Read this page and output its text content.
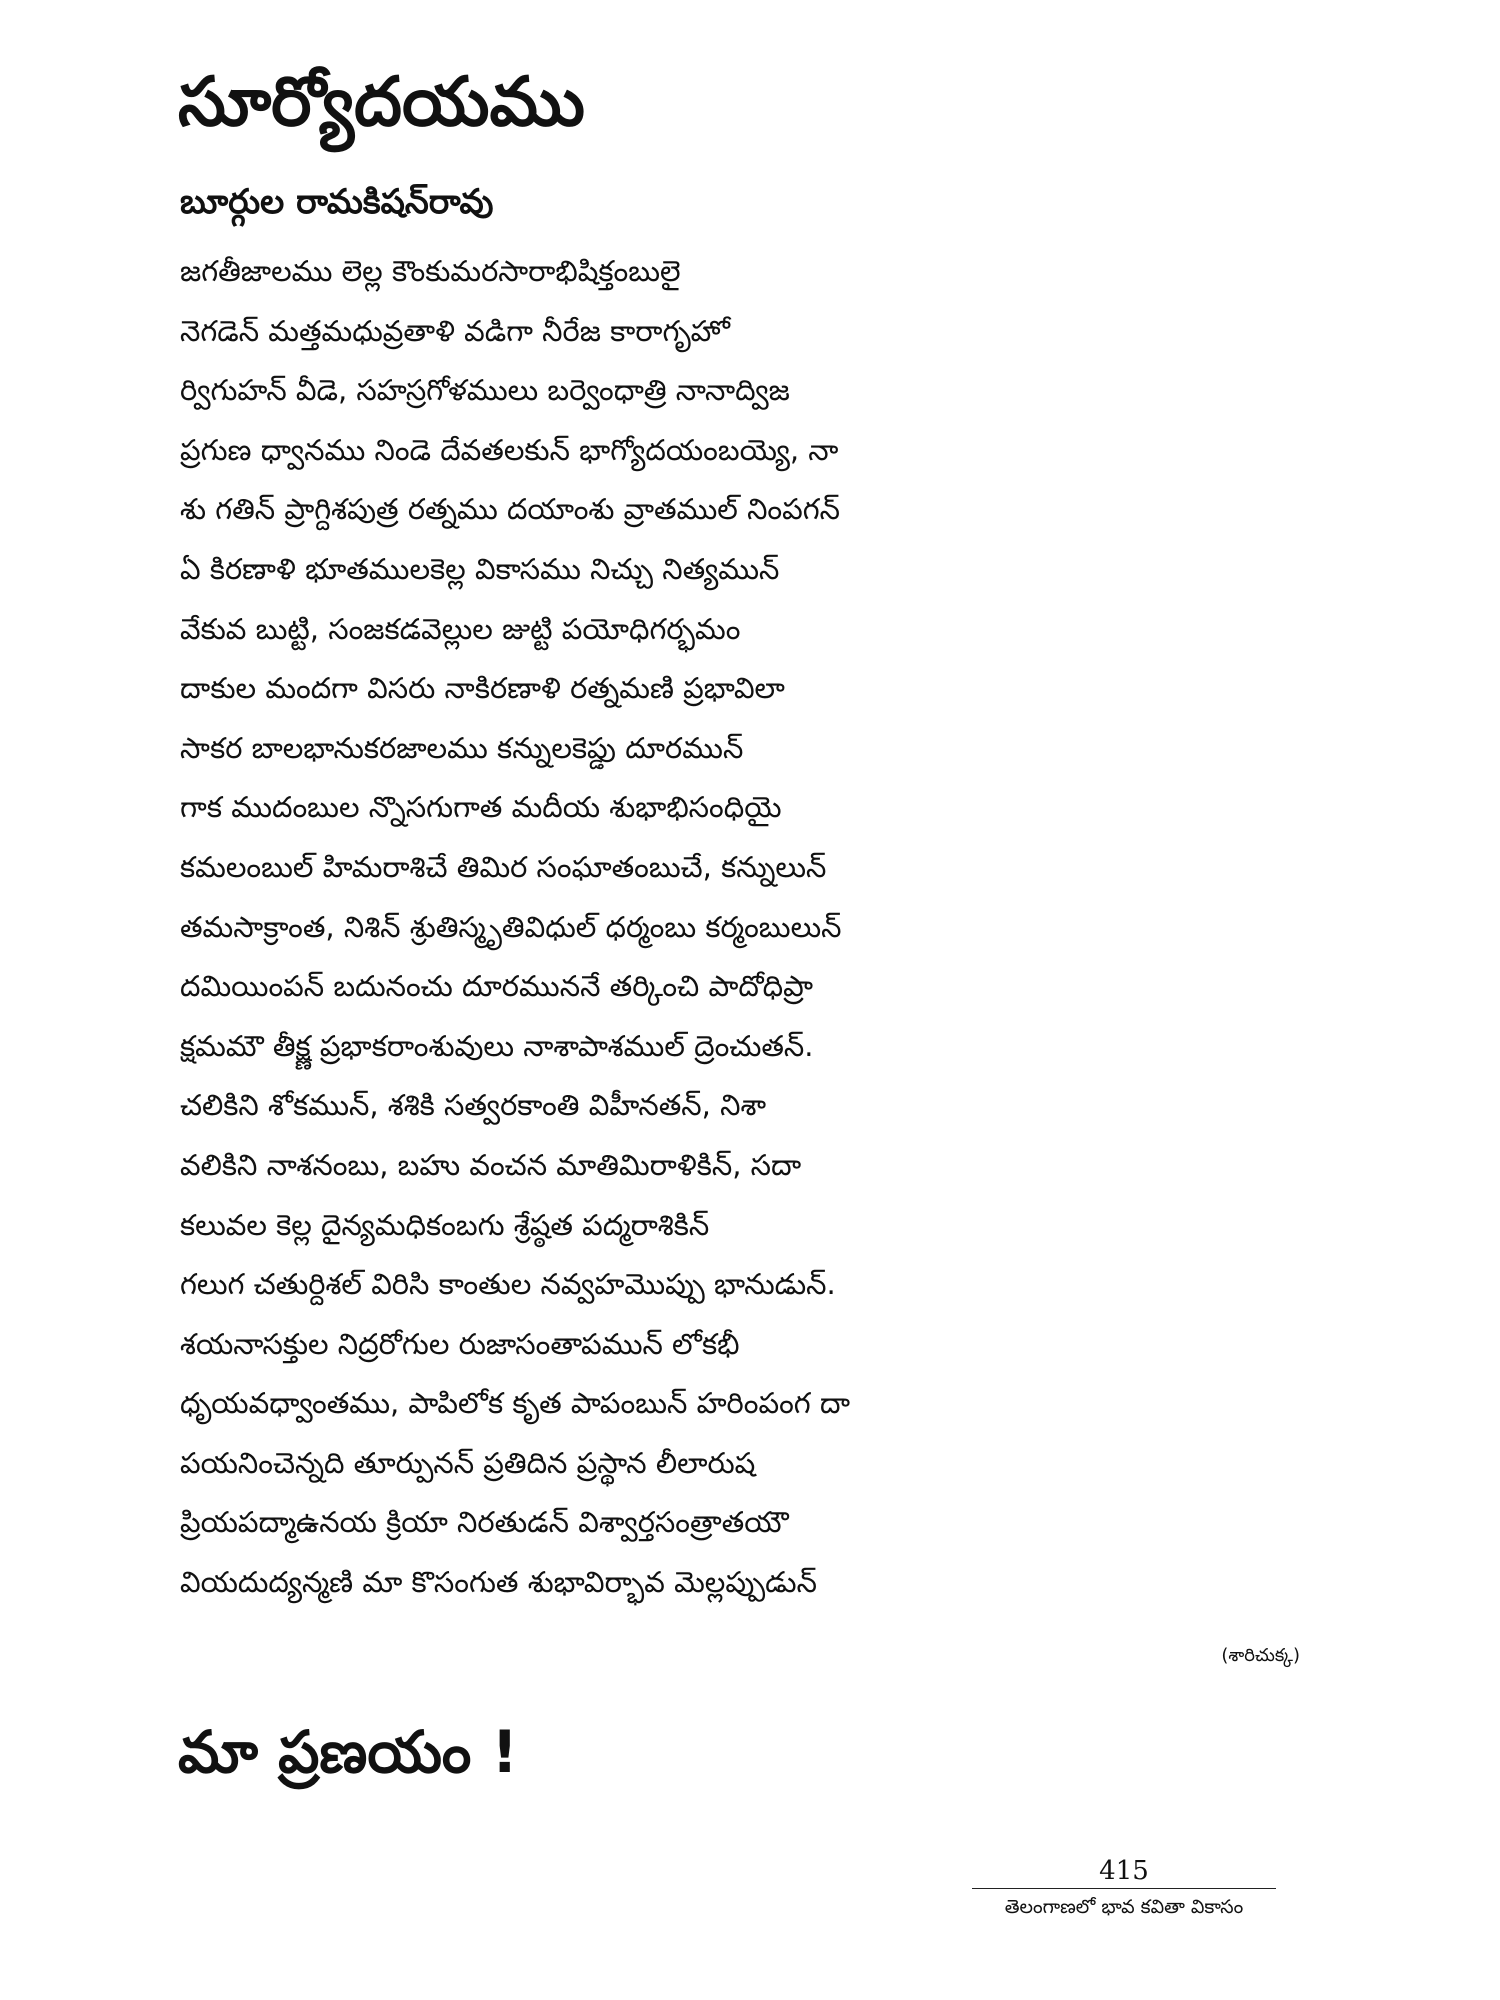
సూర్యోదయము
బూర్గుల రామకిషన్‌రావు
జగతీజాలము లెల్ల కౌంకుమరసారాభిషిక్తంబులై
నెగడెన్ మత్తమధువ్రతాళి వడిగా నీరేజ కారాగృహో
ర్విగుహన్ వీడె, సహస్రగోళములు బర్వెంధాత్రి నానాద్విజ
ప్రగుణ ధ్వానము నిండె దేవతలకున్ భాగ్యోదయంబయ్యె, నా
శు గతిన్ ప్రాగ్దిశపుత్ర రత్నము దయాంశు వ్రాతముల్ నింపగన్
ఏ కిరణాళి భూతములకెల్ల వికాసము నిచ్చు నిత్యమున్
వేకువ బుట్టి, సంజకడవెల్లుల జుట్టి పయోధిగర్భమం
దాకుల మందగా విసరు నాకిరణాళి రత్నమణి ప్రభావిలా
సాకర బాలభానుకరజాలము కన్నులకెప్డు దూరమున్
గాక ముదంబుల న్నొసగుగాత మదీయ శుభాభిసంధియై
కమలంబుల్ హిమరాశిచే తిమిర సంఘాతంబుచే, కన్నులున్
తమసాక్రాంత, నిశిన్ శ్రుతిస్మృతివిధుల్ ధర్మంబు కర్మంబులున్
దమియింపన్ బదునంచు దూరముననే తర్కించి పాదోధిప్రా
క్షమమౌ తీక్ష్ణ ప్రభాకరాంశువులు నాశాపాశముల్ ద్రెంచుతన్.
చలికిని శోకమున్, శశికి సత్వరకాంతి విహీనతన్, నిశా
వలికిని నాశనంబు, బహు వంచన మాతిమిరాళికిన్, సదా
కలువల కెల్ల దైన్యమధికంబగు శ్రేష్ఠత పద్మరాశికిన్
గలుగ చతుర్దిశల్ విరిసి కాంతుల నవ్వహమొప్పు భానుడున్.
శయనాసక్తుల నిద్రరోగుల రుజాసంతాపమున్ లోకభీ
ధృయవధ్వాంతము, పాపిలోక కృత పాపంబున్ హరింపంగ దా
పయనించెన్నది తూర్పునన్ ప్రతిదిన ప్రస్థాన లీలారుష
ప్రియపద్మాఉనయ క్రియా నిరతుడన్ విశ్వార్తసంత్రాతయౌ
వియదుద్యన్మణి మా కొసంగుత శుభావిర్భావ మెల్లప్పుడున్
(శారిచుక్క)
మా ప్రణయం !
415
తెలంగాణలో భావ కవితా వికాసం
